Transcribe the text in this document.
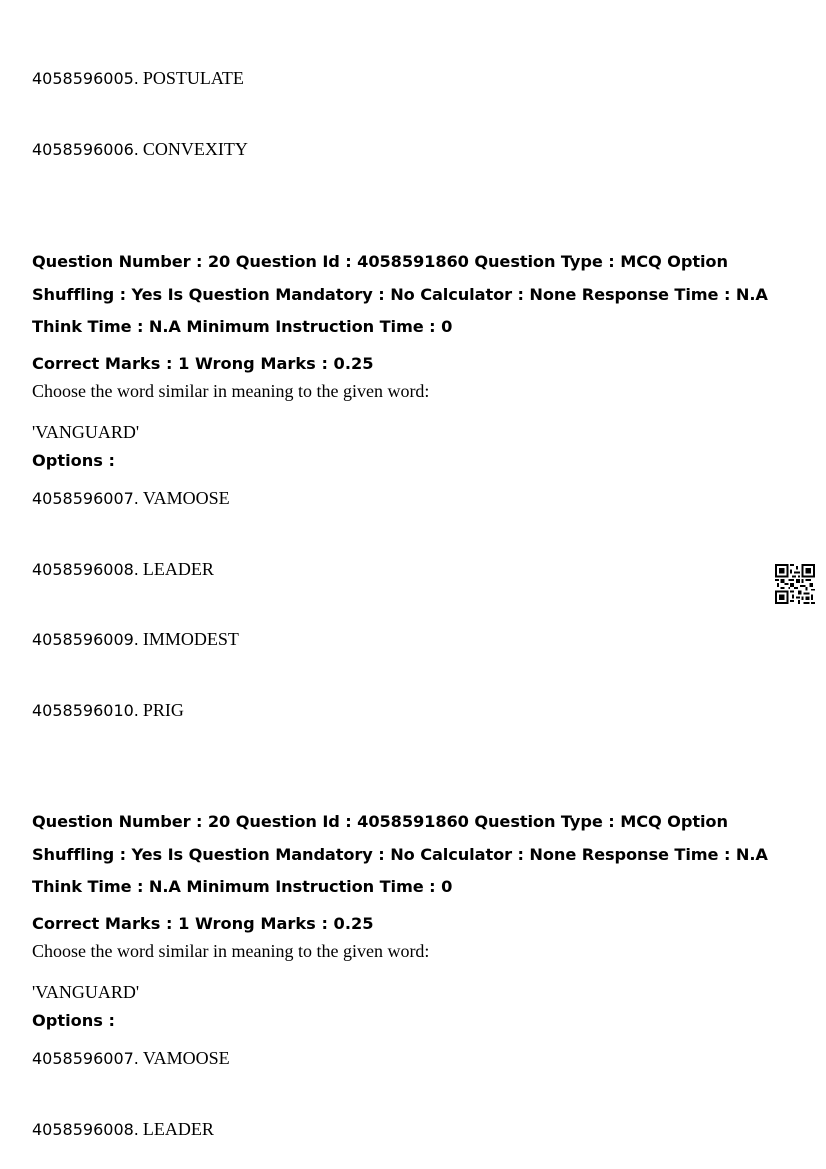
4058596005. POSTULATE
4058596006. CONVEXITY

Question Number : 20 Question Id : 4058591860 Question Type : MCQ Option Shuffling : Yes Is Question Mandatory : No Calculator : None Response Time : N.A Think Time : N.A Minimum Instruction Time : 0

Correct Marks : 1 Wrong Marks : 0.25
Choose the word similar in meaning to the given word:
'VANGUARD'
Options :
4058596007. VAMOOSE
4058596008. LEADER
4058596009. IMMODEST
4058596010. PRIG

Question Number : 20 Question Id : 4058591860 Question Type : MCQ Option Shuffling : Yes Is Question Mandatory : No Calculator : None Response Time : N.A Think Time : N.A Minimum Instruction Time : 0

Correct Marks : 1 Wrong Marks : 0.25
Choose the word similar in meaning to the given word:
'VANGUARD'
Options :
4058596007. VAMOOSE
4058596008. LEADER
